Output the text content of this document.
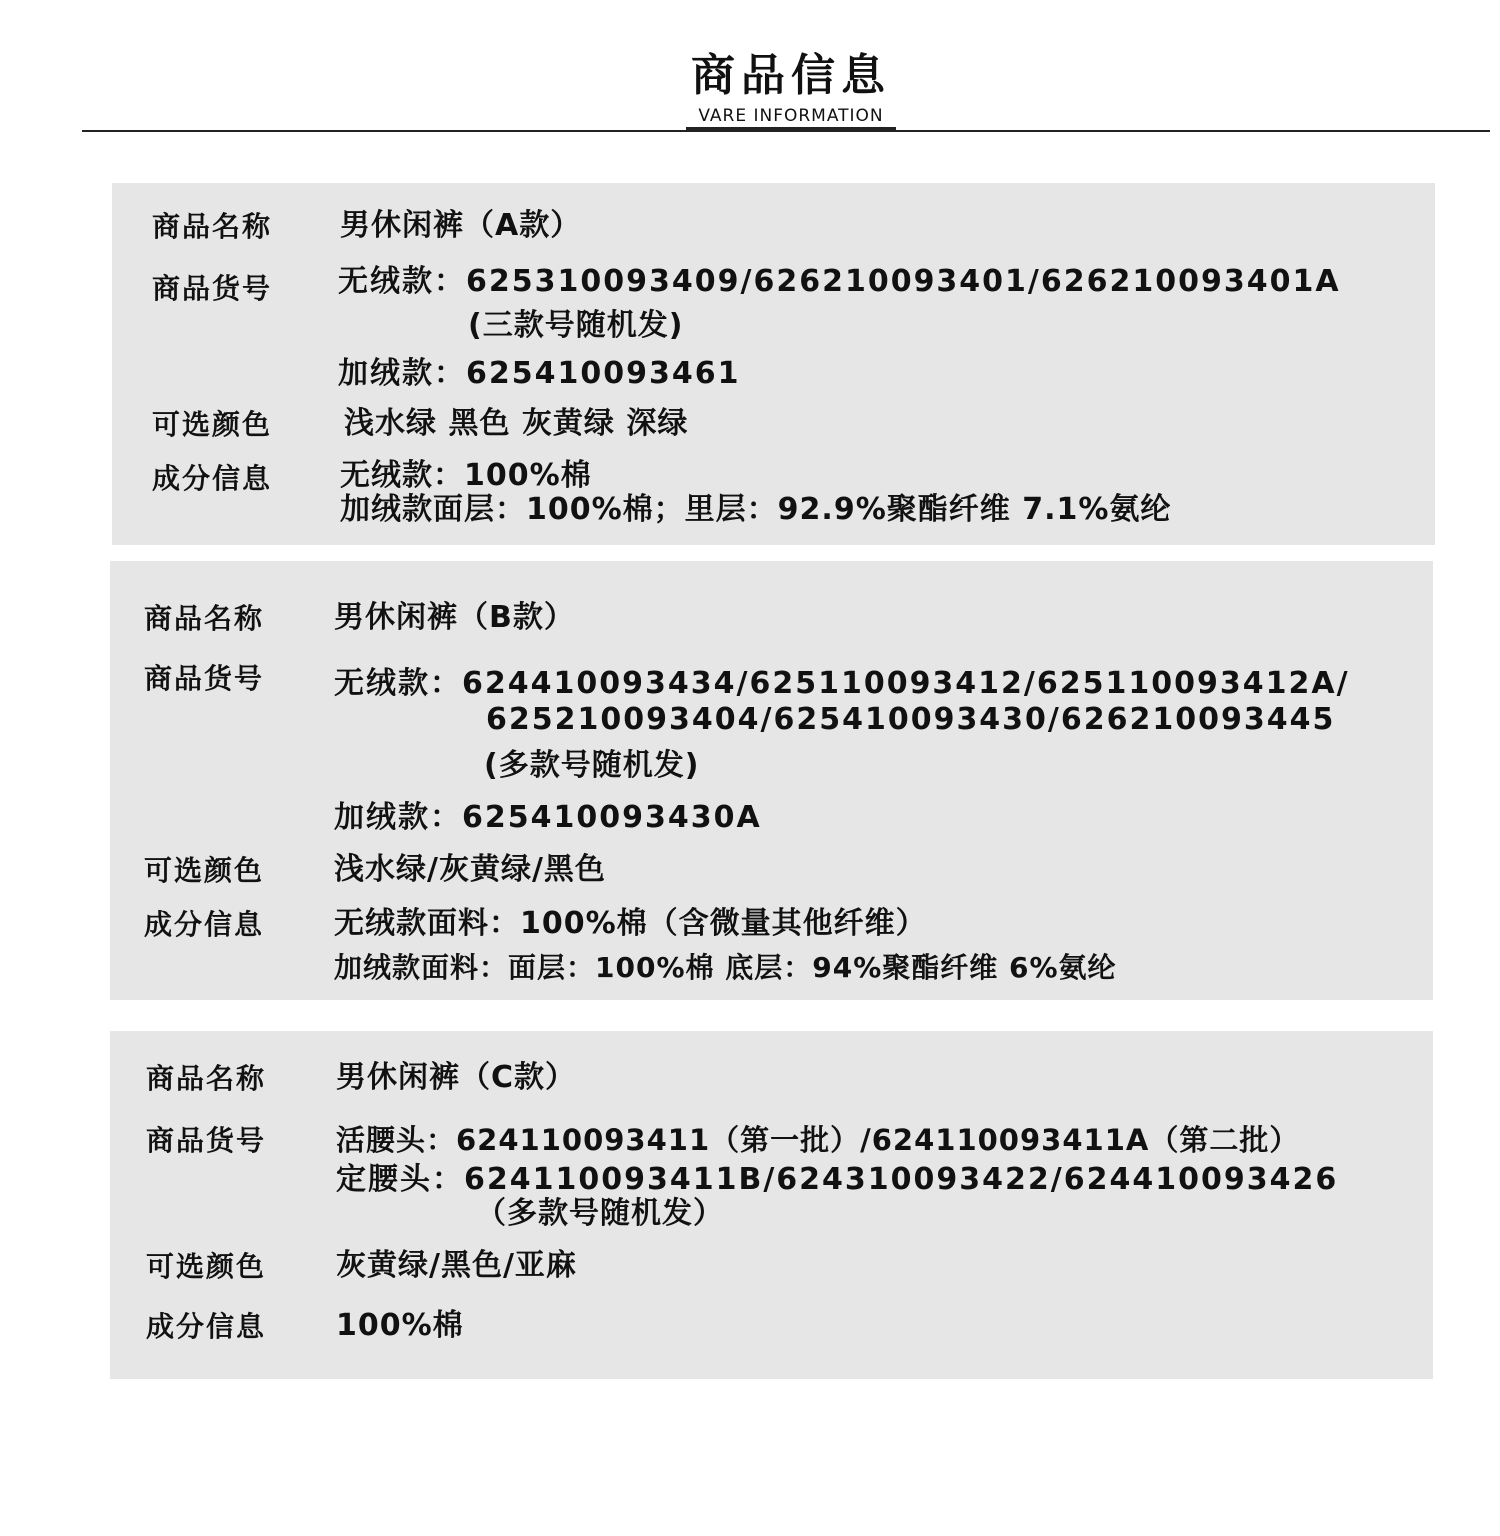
商品信息
VARE INFORMATION
商品名称 男休闲裤（A款）
商品货号 无绒款：625310093409/626210093401/626210093401A
(三款号随机发)
加绒款：625410093461
可选颜色 浅水绿 黑色 灰黄绿 深绿
成分信息 无绒款：100%棉
加绒款面层：100%棉；里层：92.9%聚酯纤维 7.1%氨纶
商品名称 男休闲裤（B款）
商品货号 无绒款：624410093434/625110093412/625110093412A/
625210093404/625410093430/626210093445
(多款号随机发)
加绒款：625410093430A
可选颜色 浅水绿/灰黄绿/黑色
成分信息 无绒款面料：100%棉（含微量其他纤维）
加绒款面料：面层：100%棉 底层：94%聚酯纤维 6%氨纶
商品名称 男休闲裤（C款）
商品货号 活腰头：624110093411（第一批）/624110093411A（第二批）
定腰头：624110093411B/624310093422/624410093426
（多款号随机发）
可选颜色 灰黄绿/黑色/亚麻
成分信息 100%棉
